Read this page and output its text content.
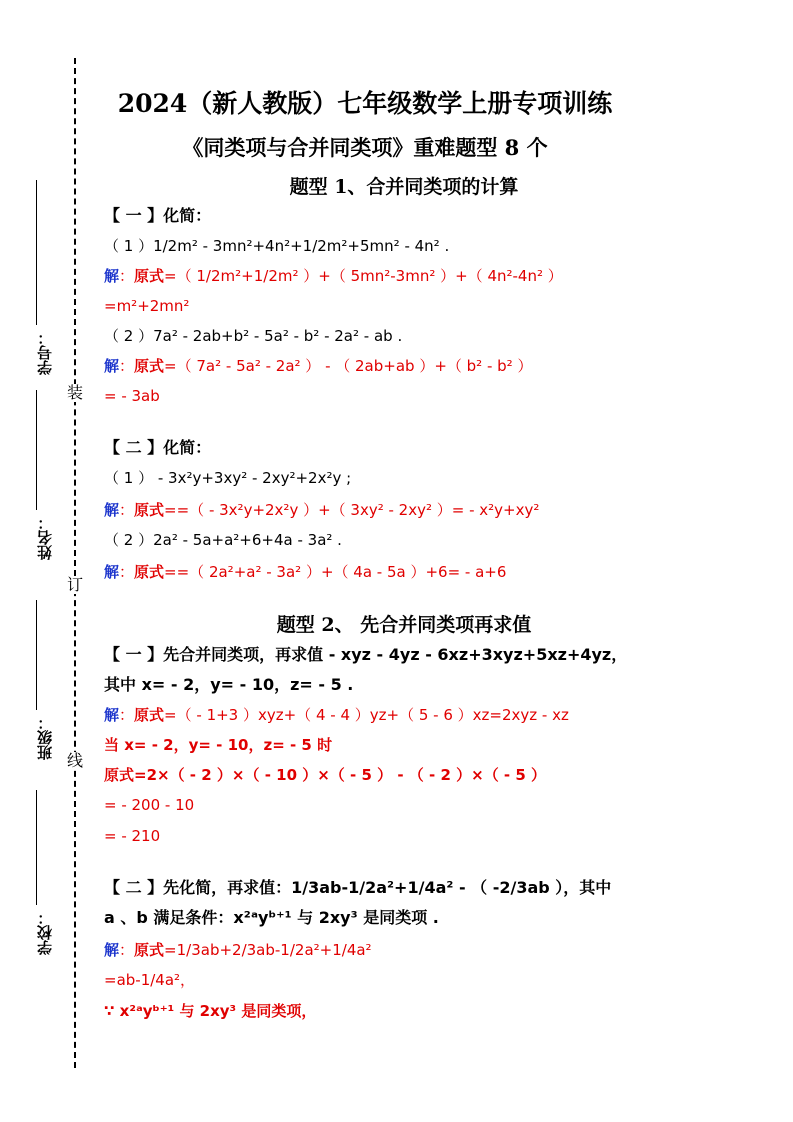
装
订
线
学号：
姓名：
班级：
学校：
2024（新人教版）七年级数学上册专项训练
《同类项与合并同类项》重难题型 8 个
题型 1、合并同类项的计算
【 一 】化简：
（ 1 ）1/2m² - 3mn²+4n²+1/2m²+5mn² - 4n² .
解：原式=（ 1/2m²+1/2m² ）+（ 5mn²-3mn² ）+（ 4n²-4n² ）
=m²+2mn²
（ 2 ）7a² - 2ab+b² - 5a² - b² - 2a² - ab .
解：原式=（ 7a² - 5a² - 2a² ） - （ 2ab+ab ）+（ b² - b² ）
= - 3ab
【 二 】化简：
（ 1 ） - 3x²y+3xy² - 2xy²+2x²y ;
解：原式==（ - 3x²y+2x²y ）+（ 3xy² - 2xy² ）= - x²y+xy²
（ 2 ）2a² - 5a+a²+6+4a - 3a² .
解：原式==（ 2a²+a² - 3a² ）+（ 4a - 5a ）+6= - a+6
题型 2、 先合并同类项再求值
【 一 】先合并同类项，再求值 - xyz - 4yz - 6xz+3xyz+5xz+4yz，
其中 x= - 2，y= - 10，z= - 5 .
解：原式=（ - 1+3 ）xyz+（ 4 - 4 ）yz+（ 5 - 6 ）xz=2xyz - xz
当 x= - 2，y= - 10，z= - 5 时
原式=2×（ - 2 ）×（ - 10 ）×（ - 5 ） - （ - 2 ）×（ - 5 ）
= - 200 - 10
= - 210
【 二 】先化简，再求值：1/3ab-1/2a²+1/4a² - （ -2/3ab ），其中
a 、b 满足条件：x²ᵃyᵇ⁺¹ 与 2xy³ 是同类项 .
解：原式=1/3ab+2/3ab-1/2a²+1/4a²
=ab-1/4a²，
∵ x²ᵃyᵇ⁺¹ 与 2xy³ 是同类项，
